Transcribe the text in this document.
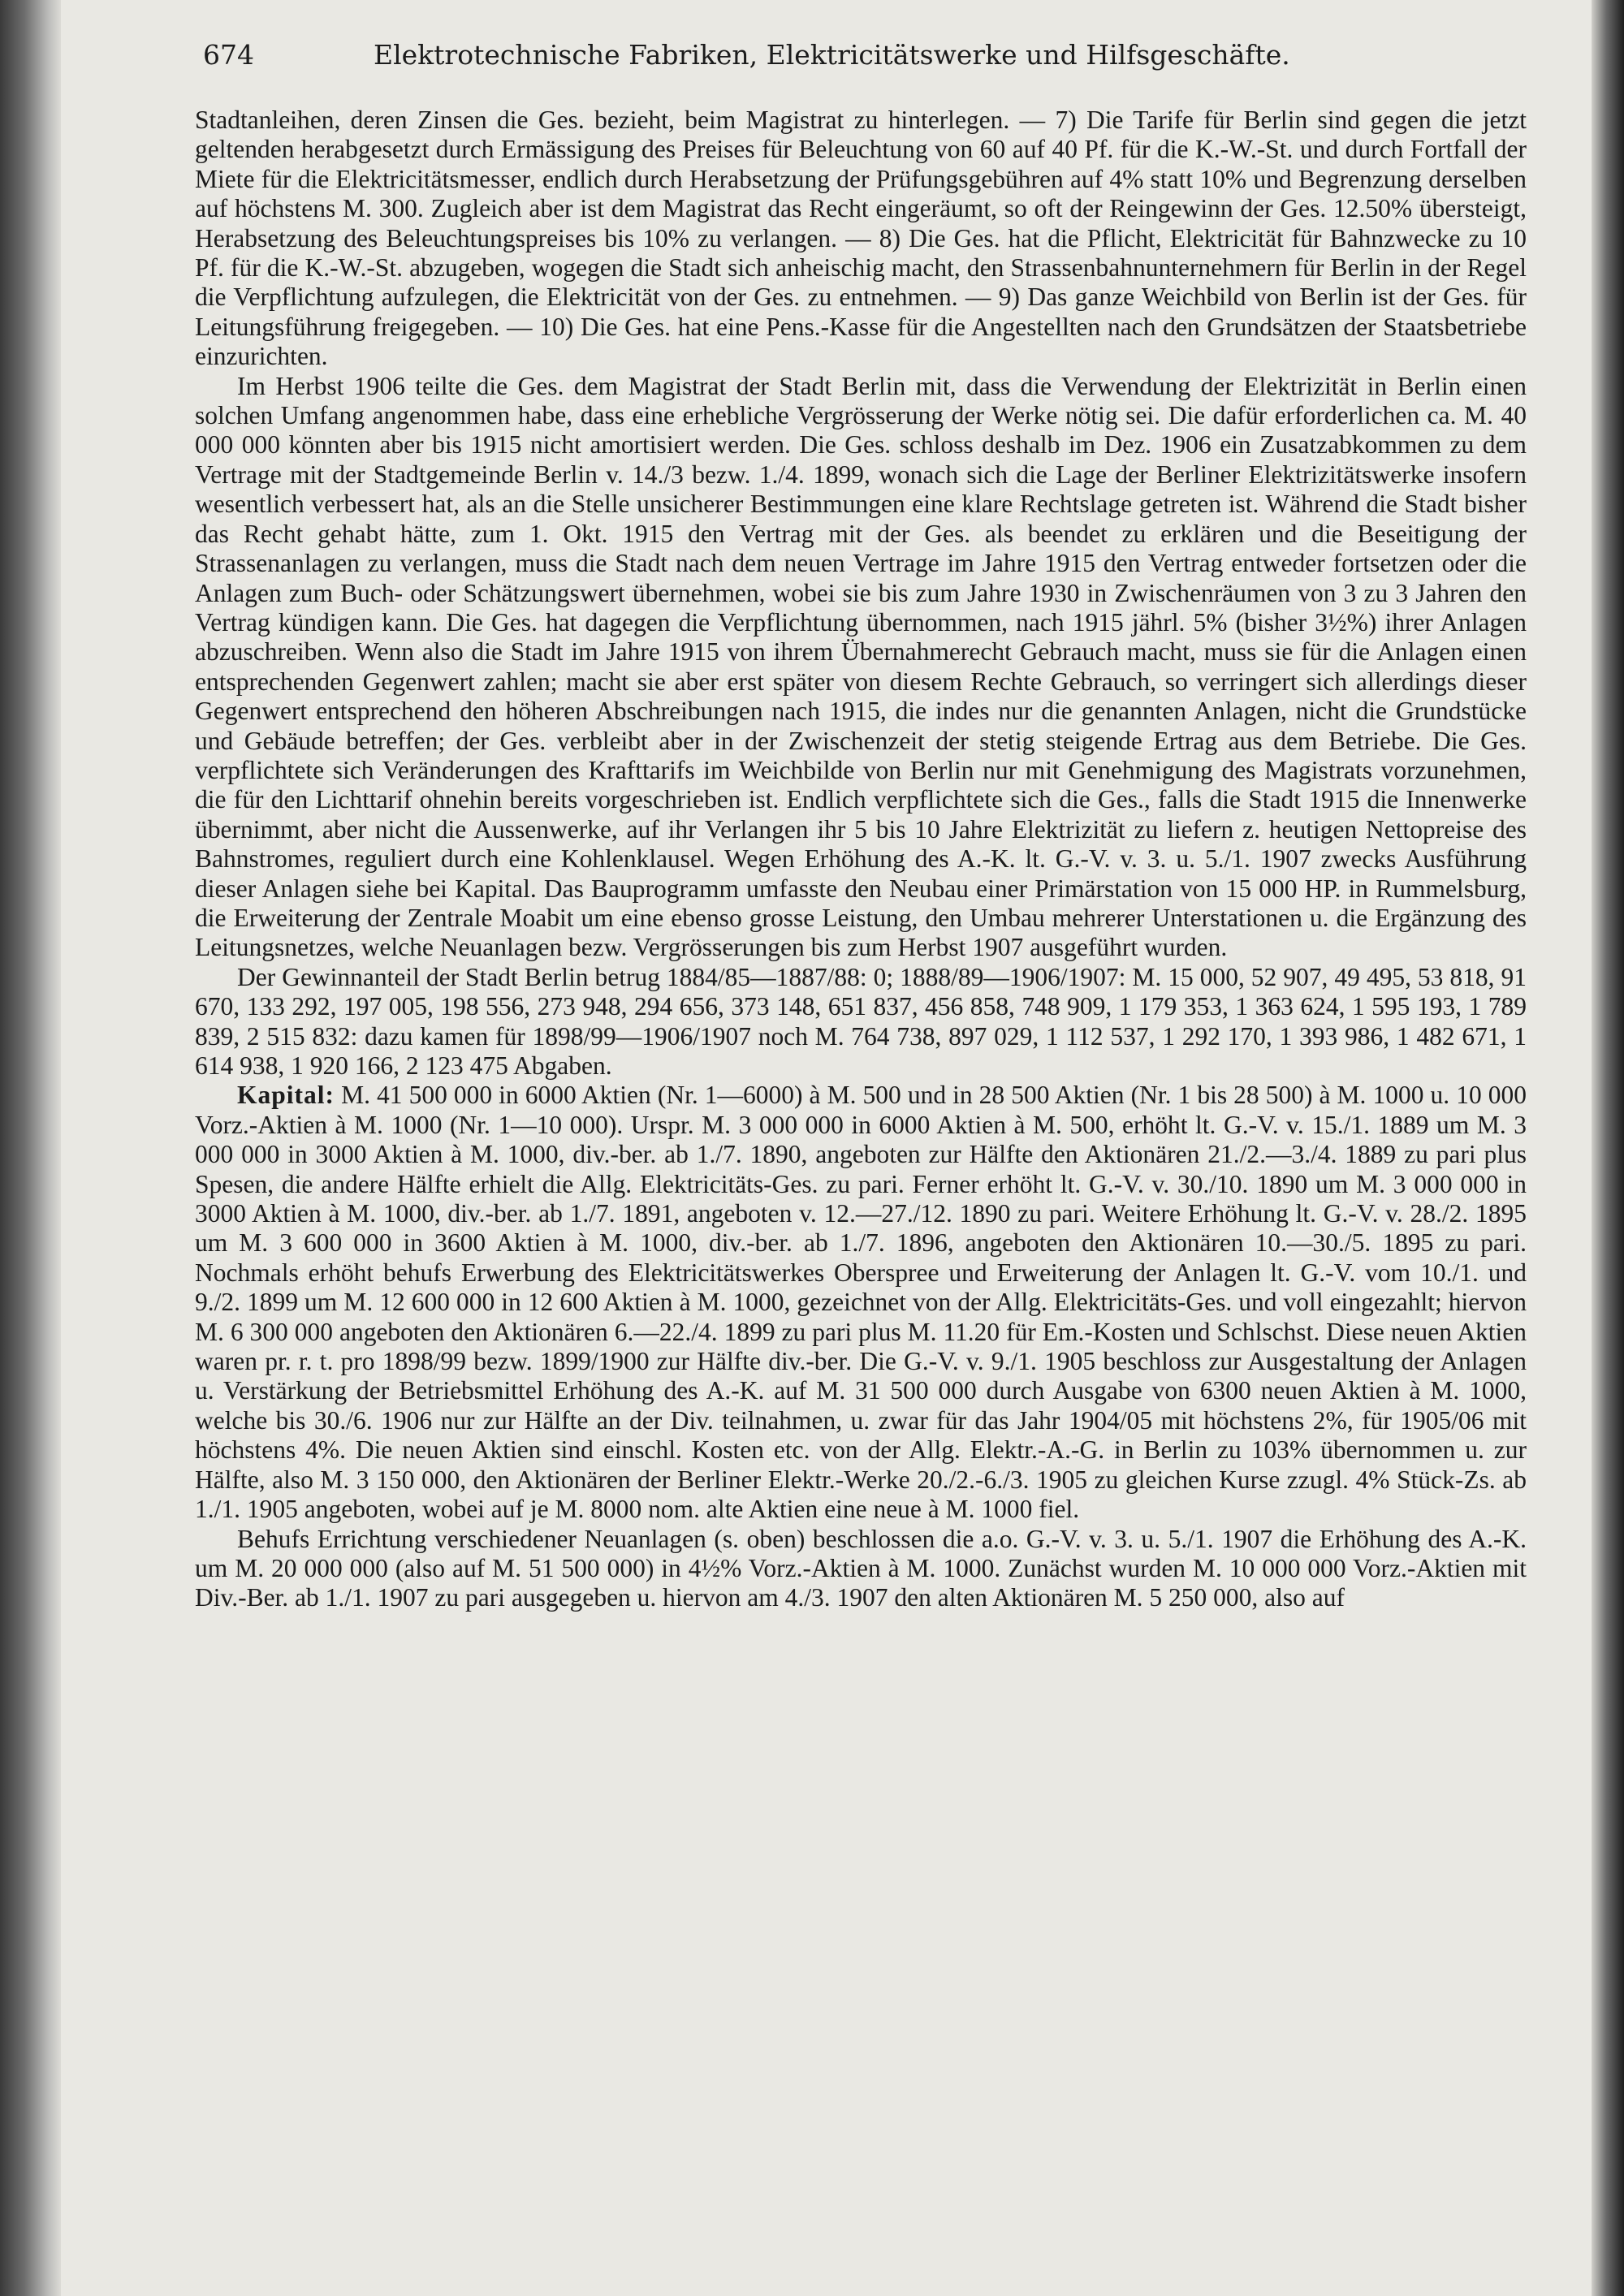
674	Elektrotechnische Fabriken, Elektricitätswerke und Hilfsgeschäfte.

Stadtanleihen, deren Zinsen die Ges. bezieht, beim Magistrat zu hinterlegen. — 7) Die Tarife für Berlin sind gegen die jetzt geltenden herabgesetzt durch Ermässigung des Preises für Beleuchtung von 60 auf 40 Pf. für die K.-W.-St. und durch Fortfall der Miete für die Elektricitätsmesser, endlich durch Herabsetzung der Prüfungsgebühren auf 4% statt 10% und Begrenzung derselben auf höchstens M. 300. Zugleich aber ist dem Magistrat das Recht eingeräumt, so oft der Reingewinn der Ges. 12.50% übersteigt, Herabsetzung des Beleuchtungspreises bis 10% zu verlangen. — 8) Die Ges. hat die Pflicht, Elektricität für Bahnzwecke zu 10 Pf. für die K.-W.-St. abzugeben, wogegen die Stadt sich anheischig macht, den Strassenbahnunternehmern für Berlin in der Regel die Verpflichtung aufzulegen, die Elektricität von der Ges. zu entnehmen. — 9) Das ganze Weichbild von Berlin ist der Ges. für Leitungsführung freigegeben. — 10) Die Ges. hat eine Pens.-Kasse für die Angestellten nach den Grundsätzen der Staatsbetriebe einzurichten.

Im Herbst 1906 teilte die Ges. dem Magistrat der Stadt Berlin mit, dass die Verwendung der Elektrizität in Berlin einen solchen Umfang angenommen habe, dass eine erhebliche Vergrösserung der Werke nötig sei. Die dafür erforderlichen ca. M. 40 000 000 könnten aber bis 1915 nicht amortisiert werden. Die Ges. schloss deshalb im Dez. 1906 ein Zusatzabkommen zu dem Vertrage mit der Stadtgemeinde Berlin v. 14./3 bezw. 1./4. 1899, wonach sich die Lage der Berliner Elektrizitätswerke insofern wesentlich verbessert hat, als an die Stelle unsicherer Bestimmungen eine klare Rechtslage getreten ist. Während die Stadt bisher das Recht gehabt hätte, zum 1. Okt. 1915 den Vertrag mit der Ges. als beendet zu erklären und die Beseitigung der Strassenanlagen zu verlangen, muss die Stadt nach dem neuen Vertrage im Jahre 1915 den Vertrag entweder fortsetzen oder die Anlagen zum Buch- oder Schätzungswert übernehmen, wobei sie bis zum Jahre 1930 in Zwischenräumen von 3 zu 3 Jahren den Vertrag kündigen kann. Die Ges. hat dagegen die Verpflichtung übernommen, nach 1915 jährl. 5% (bisher 3½%) ihrer Anlagen abzuschreiben. Wenn also die Stadt im Jahre 1915 von ihrem Übernahmerecht Gebrauch macht, muss sie für die Anlagen einen entsprechenden Gegenwert zahlen; macht sie aber erst später von diesem Rechte Gebrauch, so verringert sich allerdings dieser Gegenwert entsprechend den höheren Abschreibungen nach 1915, die indes nur die genannten Anlagen, nicht die Grundstücke und Gebäude betreffen; der Ges. verbleibt aber in der Zwischenzeit der stetig steigende Ertrag aus dem Betriebe. Die Ges. verpflichtete sich Veränderungen des Krafttarifs im Weichbilde von Berlin nur mit Genehmigung des Magistrats vorzunehmen, die für den Lichttarif ohnehin bereits vorgeschrieben ist. Endlich verpflichtete sich die Ges., falls die Stadt 1915 die Innenwerke übernimmt, aber nicht die Aussenwerke, auf ihr Verlangen ihr 5 bis 10 Jahre Elektrizität zu liefern z. heutigen Nettopreise des Bahnstromes, reguliert durch eine Kohlenklausel. Wegen Erhöhung des A.-K. lt. G.-V. v. 3. u. 5./1. 1907 zwecks Ausführung dieser Anlagen siehe bei Kapital. Das Bauprogramm umfasste den Neubau einer Primärstation von 15 000 HP. in Rummelsburg, die Erweiterung der Zentrale Moabit um eine ebenso grosse Leistung, den Umbau mehrerer Unterstationen u. die Ergänzung des Leitungsnetzes, welche Neuanlagen bezw. Vergrösserungen bis zum Herbst 1907 ausgeführt wurden.

Der Gewinnanteil der Stadt Berlin betrug 1884/85—1887/88: 0; 1888/89—1906/1907: M. 15 000, 52 907, 49 495, 53 818, 91 670, 133 292, 197 005, 198 556, 273 948, 294 656, 373 148, 651 837, 456 858, 748 909, 1 179 353, 1 363 624, 1 595 193, 1 789 839, 2 515 832: dazu kamen für 1898/99—1906/1907 noch M. 764 738, 897 029, 1 112 537, 1 292 170, 1 393 986, 1 482 671, 1 614 938, 1 920 166, 2 123 475 Abgaben.

Kapital: M. 41 500 000 in 6000 Aktien (Nr. 1—6000) à M. 500 und in 28 500 Aktien (Nr. 1 bis 28 500) à M. 1000 u. 10 000 Vorz.-Aktien à M. 1000 (Nr. 1—10 000). Urspr. M. 3 000 000 in 6000 Aktien à M. 500, erhöht lt. G.-V. v. 15./1. 1889 um M. 3 000 000 in 3000 Aktien à M. 1000, div.-ber. ab 1./7. 1890, angeboten zur Hälfte den Aktionären 21./2.—3./4. 1889 zu pari plus Spesen, die andere Hälfte erhielt die Allg. Elektricitäts-Ges. zu pari. Ferner erhöht lt. G.-V. v. 30./10. 1890 um M. 3 000 000 in 3000 Aktien à M. 1000, div.-ber. ab 1./7. 1891, angeboten v. 12.—27./12. 1890 zu pari. Weitere Erhöhung lt. G.-V. v. 28./2. 1895 um M. 3 600 000 in 3600 Aktien à M. 1000, div.-ber. ab 1./7. 1896, angeboten den Aktionären 10.—30./5. 1895 zu pari. Nochmals erhöht behufs Erwerbung des Elektricitätswerkes Oberspree und Erweiterung der Anlagen lt. G.-V. vom 10./1. und 9./2. 1899 um M. 12 600 000 in 12 600 Aktien à M. 1000, gezeichnet von der Allg. Elektricitäts-Ges. und voll eingezahlt; hiervon M. 6 300 000 angeboten den Aktionären 6.—22./4. 1899 zu pari plus M. 11.20 für Em.-Kosten und Schlschst. Diese neuen Aktien waren pr. r. t. pro 1898/99 bezw. 1899/1900 zur Hälfte div.-ber. Die G.-V. v. 9./1. 1905 beschloss zur Ausgestaltung der Anlagen u. Verstärkung der Betriebsmittel Erhöhung des A.-K. auf M. 31 500 000 durch Ausgabe von 6300 neuen Aktien à M. 1000, welche bis 30./6. 1906 nur zur Hälfte an der Div. teilnahmen, u. zwar für das Jahr 1904/05 mit höchstens 2%, für 1905/06 mit höchstens 4%. Die neuen Aktien sind einschl. Kosten etc. von der Allg. Elektr.-A.-G. in Berlin zu 103% übernommen u. zur Hälfte, also M. 3 150 000, den Aktionären der Berliner Elektr.-Werke 20./2.-6./3. 1905 zu gleichen Kurse zzugl. 4% Stück-Zs. ab 1./1. 1905 angeboten, wobei auf je M. 8000 nom. alte Aktien eine neue à M. 1000 fiel.

Behufs Errichtung verschiedener Neuanlagen (s. oben) beschlossen die a.o. G.-V. v. 3. u. 5./1. 1907 die Erhöhung des A.-K. um M. 20 000 000 (also auf M. 51 500 000) in 4½% Vorz.-Aktien à M. 1000. Zunächst wurden M. 10 000 000 Vorz.-Aktien mit Div.-Ber. ab 1./1. 1907 zu pari ausgegeben u. hiervon am 4./3. 1907 den alten Aktionären M. 5 250 000, also auf
